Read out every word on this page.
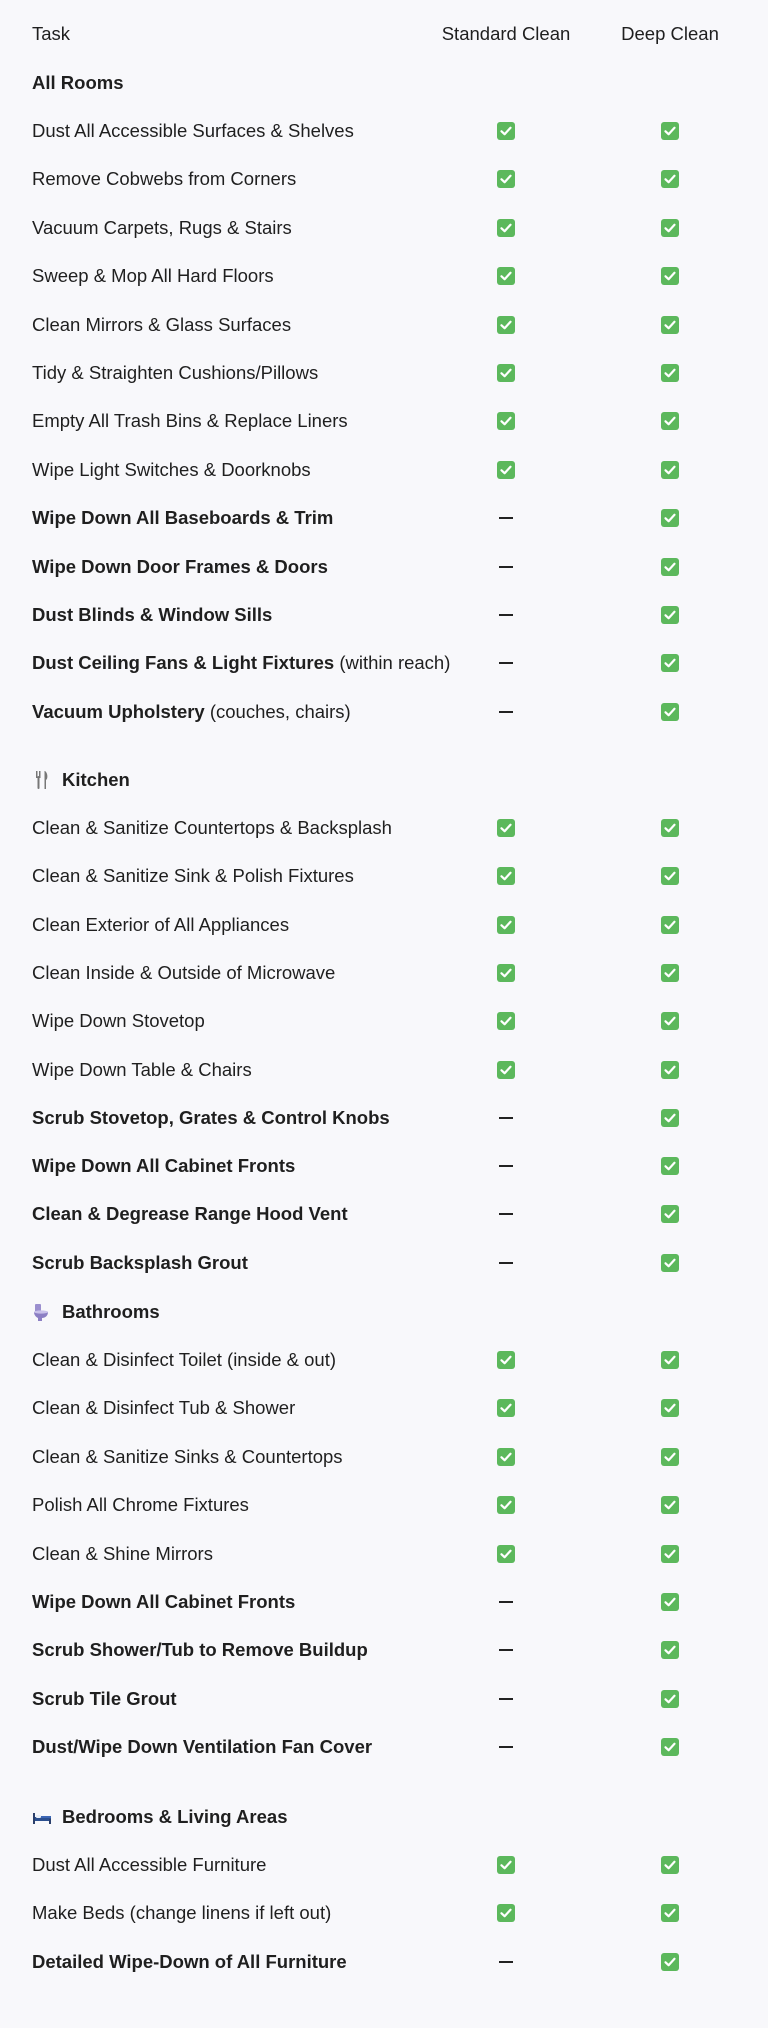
Task	Standard Clean	Deep Clean
All Rooms
Dust All Accessible Surfaces & Shelves
Remove Cobwebs from Corners
Vacuum Carpets, Rugs & Stairs
Sweep & Mop All Hard Floors
Clean Mirrors & Glass Surfaces
Tidy & Straighten Cushions/Pillows
Empty All Trash Bins & Replace Liners
Wipe Light Switches & Doorknobs
Wipe Down All Baseboards & Trim
Wipe Down Door Frames & Doors
Dust Blinds & Window Sills
Dust Ceiling Fans & Light Fixtures (within reach)
Vacuum Upholstery (couches, chairs)
Kitchen
Clean & Sanitize Countertops & Backsplash
Clean & Sanitize Sink & Polish Fixtures
Clean Exterior of All Appliances
Clean Inside & Outside of Microwave
Wipe Down Stovetop
Wipe Down Table & Chairs
Scrub Stovetop, Grates & Control Knobs
Wipe Down All Cabinet Fronts
Clean & Degrease Range Hood Vent
Scrub Backsplash Grout
Bathrooms
Clean & Disinfect Toilet (inside & out)
Clean & Disinfect Tub & Shower
Clean & Sanitize Sinks & Countertops
Polish All Chrome Fixtures
Clean & Shine Mirrors
Wipe Down All Cabinet Fronts
Scrub Shower/Tub to Remove Buildup
Scrub Tile Grout
Dust/Wipe Down Ventilation Fan Cover
Bedrooms & Living Areas
Dust All Accessible Furniture
Make Beds (change linens if left out)
Detailed Wipe-Down of All Furniture
